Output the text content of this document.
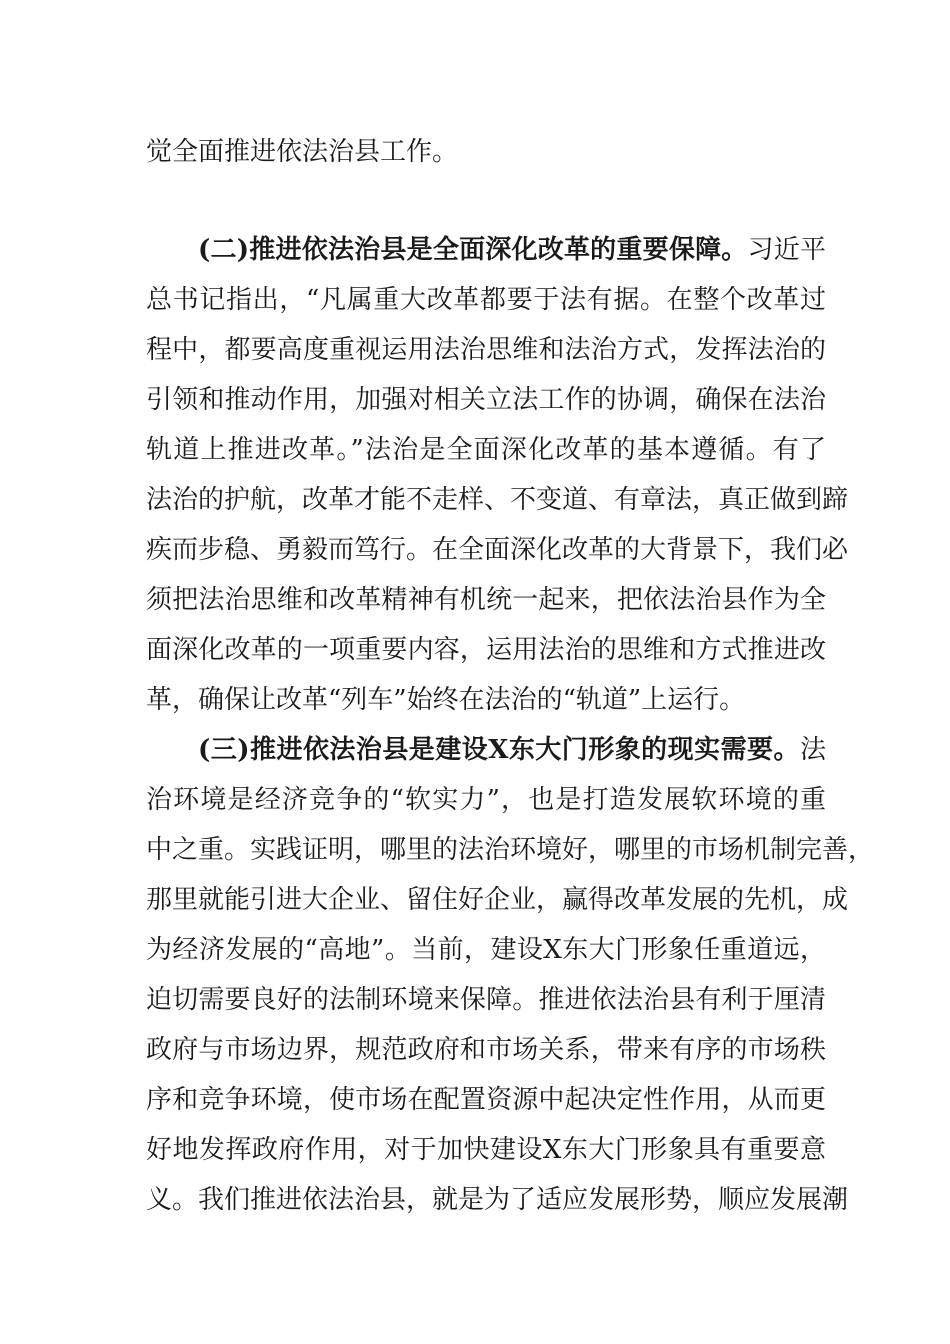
觉全面推进依法治县工作。

(二)推进依法治县是全面深化改革的重要保障。习近平

总书记指出，“凡属重大改革都要于法有据。在整个改革过

程中，都要高度重视运用法治思维和法治方式，发挥法治的

引领和推动作用，加强对相关立法工作的协调，确保在法治

轨道上推进改革。”法治是全面深化改革的基本遵循。有了

法治的护航，改革才能不走样、不变道、有章法，真正做到蹄

疾而步稳、勇毅而笃行。在全面深化改革的大背景下，我们必

须把法治思维和改革精神有机统一起来，把依法治县作为全

面深化改革的一项重要内容，运用法治的思维和方式推进改

革，确保让改革“列车”始终在法治的“轨道”上运行。

(三)推进依法治县是建设X东大门形象的现实需要。法

治环境是经济竞争的“软实力”，也是打造发展软环境的重

中之重。实践证明，哪里的法治环境好，哪里的市场机制完善，

那里就能引进大企业、留住好企业，赢得改革发展的先机，成

为经济发展的“高地”。当前，建设X东大门形象任重道远，

迫切需要良好的法制环境来保障。推进依法治县有利于厘清

政府与市场边界，规范政府和市场关系，带来有序的市场秩

序和竞争环境，使市场在配置资源中起决定性作用，从而更

好地发挥政府作用，对于加快建设X东大门形象具有重要意

义。我们推进依法治县，就是为了适应发展形势，顺应发展潮
